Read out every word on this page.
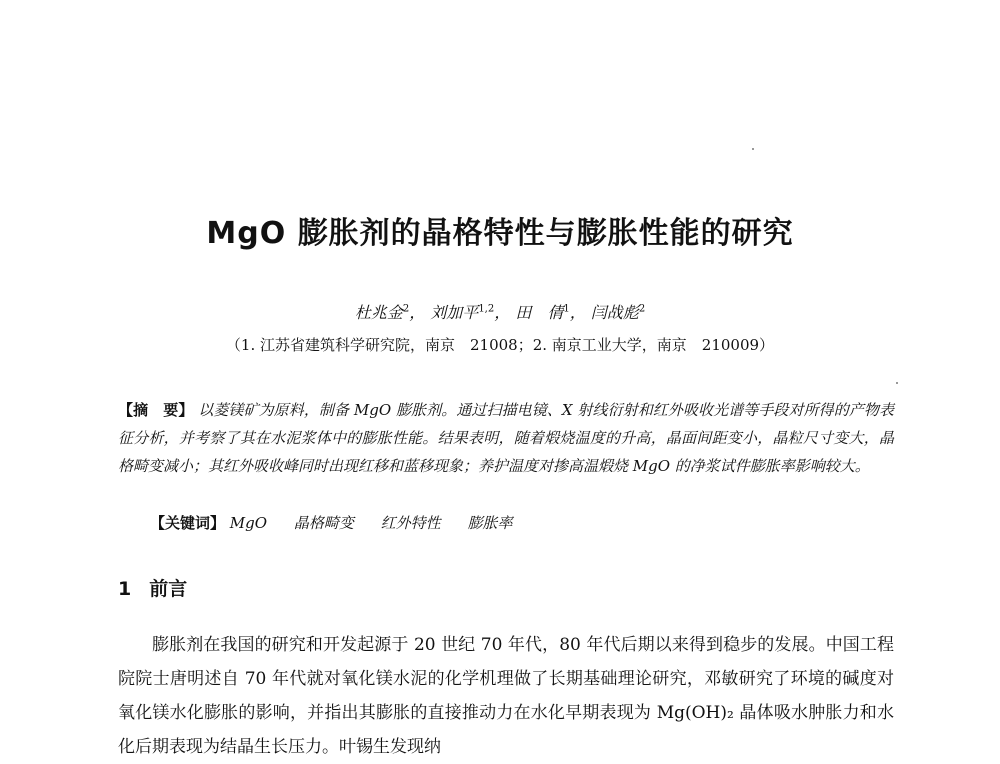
MgO 膨胀剂的晶格特性与膨胀性能的研究
杜兆金$^2$， 刘加平$^{1,2}$， 田　倩$^1$， 闫战彪$^2$
（1. 江苏省建筑科学研究院，南京　21008；2. 南京工业大学，南京　210009）
【摘　要】 以菱镁矿为原料，制备 MgO 膨胀剂。通过扫描电镜、X 射线衍射和红外吸收光谱等手段对所得的产物表征分析，并考察了其在水泥浆体中的膨胀性能。结果表明，随着煅烧温度的升高，晶面间距变小，晶粒尺寸变大，晶格畸变减小；其红外吸收峰同时出现红移和蓝移现象；养护温度对掺高温煅烧 MgO 的净浆试件膨胀率影响较大。
【关键词】 MgO 晶格畸变 红外特性 膨胀率
1 前言
膨胀剂在我国的研究和开发起源于 20 世纪 70 年代，80 年代后期以来得到稳步的发展。中国工程院院士唐明述自 70 年代就对氧化镁水泥的化学机理做了长期基础理论研究，邓敏研究了环境的碱度对氧化镁水化膨胀的影响，并指出其膨胀的直接推动力在水化早期表现为 Mg(OH)₂ 晶体吸水肿胀力和水化后期表现为结晶生长压力。叶锡生发现纳
